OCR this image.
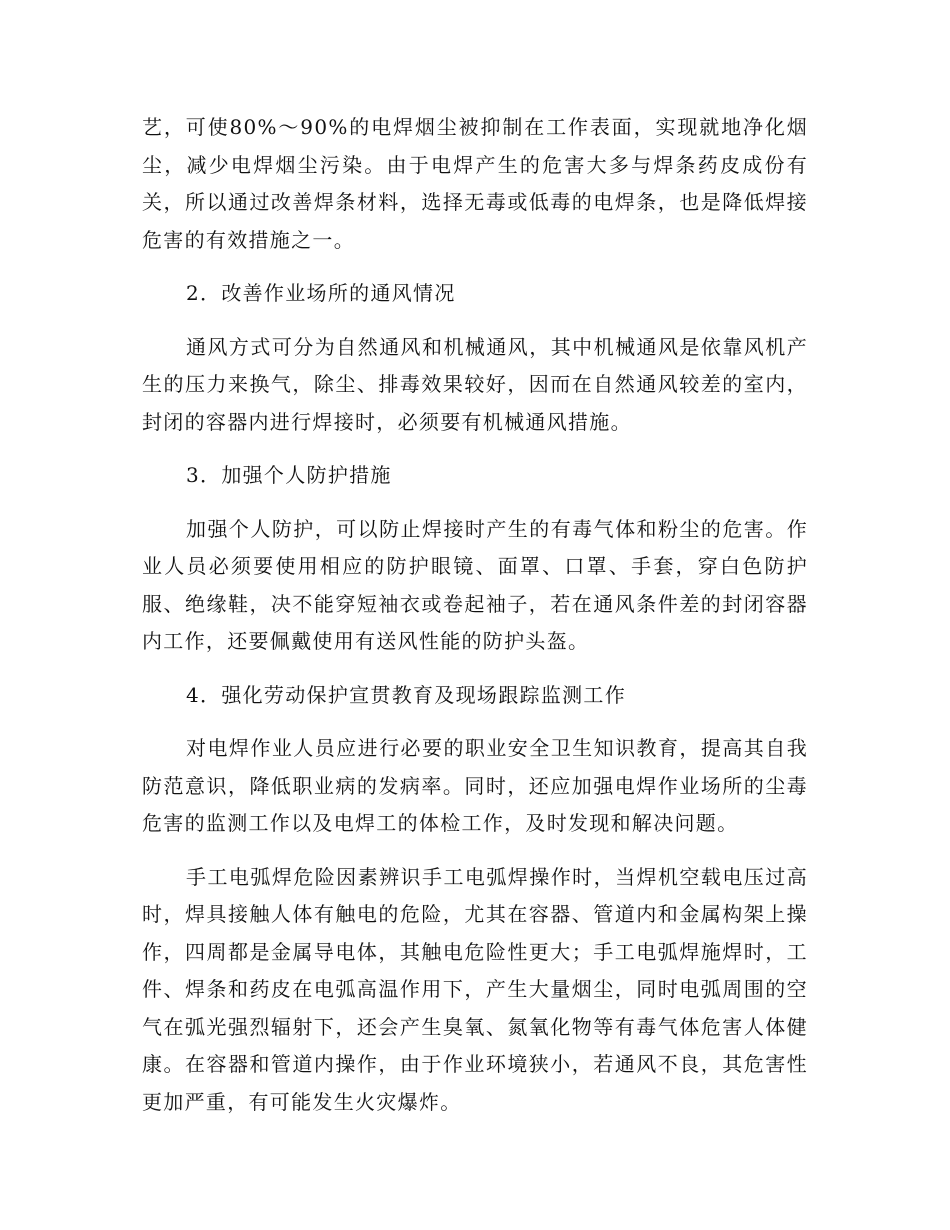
艺，可使80%～90%的电焊烟尘被抑制在工作表面，实现就地净化烟尘，减少电焊烟尘污染。由于电焊产生的危害大多与焊条药皮成份有关，所以通过改善焊条材料，选择无毒或低毒的电焊条，也是降低焊接危害的有效措施之一。

2．改善作业场所的通风情况

通风方式可分为自然通风和机械通风，其中机械通风是依靠风机产生的压力来换气，除尘、排毒效果较好，因而在自然通风较差的室内，封闭的容器内进行焊接时，必须要有机械通风措施。

3．加强个人防护措施

加强个人防护，可以防止焊接时产生的有毒气体和粉尘的危害。作业人员必须要使用相应的防护眼镜、面罩、口罩、手套，穿白色防护服、绝缘鞋，决不能穿短袖衣或卷起袖子，若在通风条件差的封闭容器内工作，还要佩戴使用有送风性能的防护头盔。

4．强化劳动保护宣贯教育及现场跟踪监测工作

对电焊作业人员应进行必要的职业安全卫生知识教育，提高其自我防范意识，降低职业病的发病率。同时，还应加强电焊作业场所的尘毒危害的监测工作以及电焊工的体检工作，及时发现和解决问题。

手工电弧焊危险因素辨识手工电弧焊操作时，当焊机空载电压过高时，焊具接触人体有触电的危险，尤其在容器、管道内和金属构架上操作，四周都是金属导电体，其触电危险性更大；手工电弧焊施焊时，工件、焊条和药皮在电弧高温作用下，产生大量烟尘，同时电弧周围的空气在弧光强烈辐射下，还会产生臭氧、氮氧化物等有毒气体危害人体健康。在容器和管道内操作，由于作业环境狭小，若通风不良，其危害性更加严重，有可能发生火灾爆炸。
